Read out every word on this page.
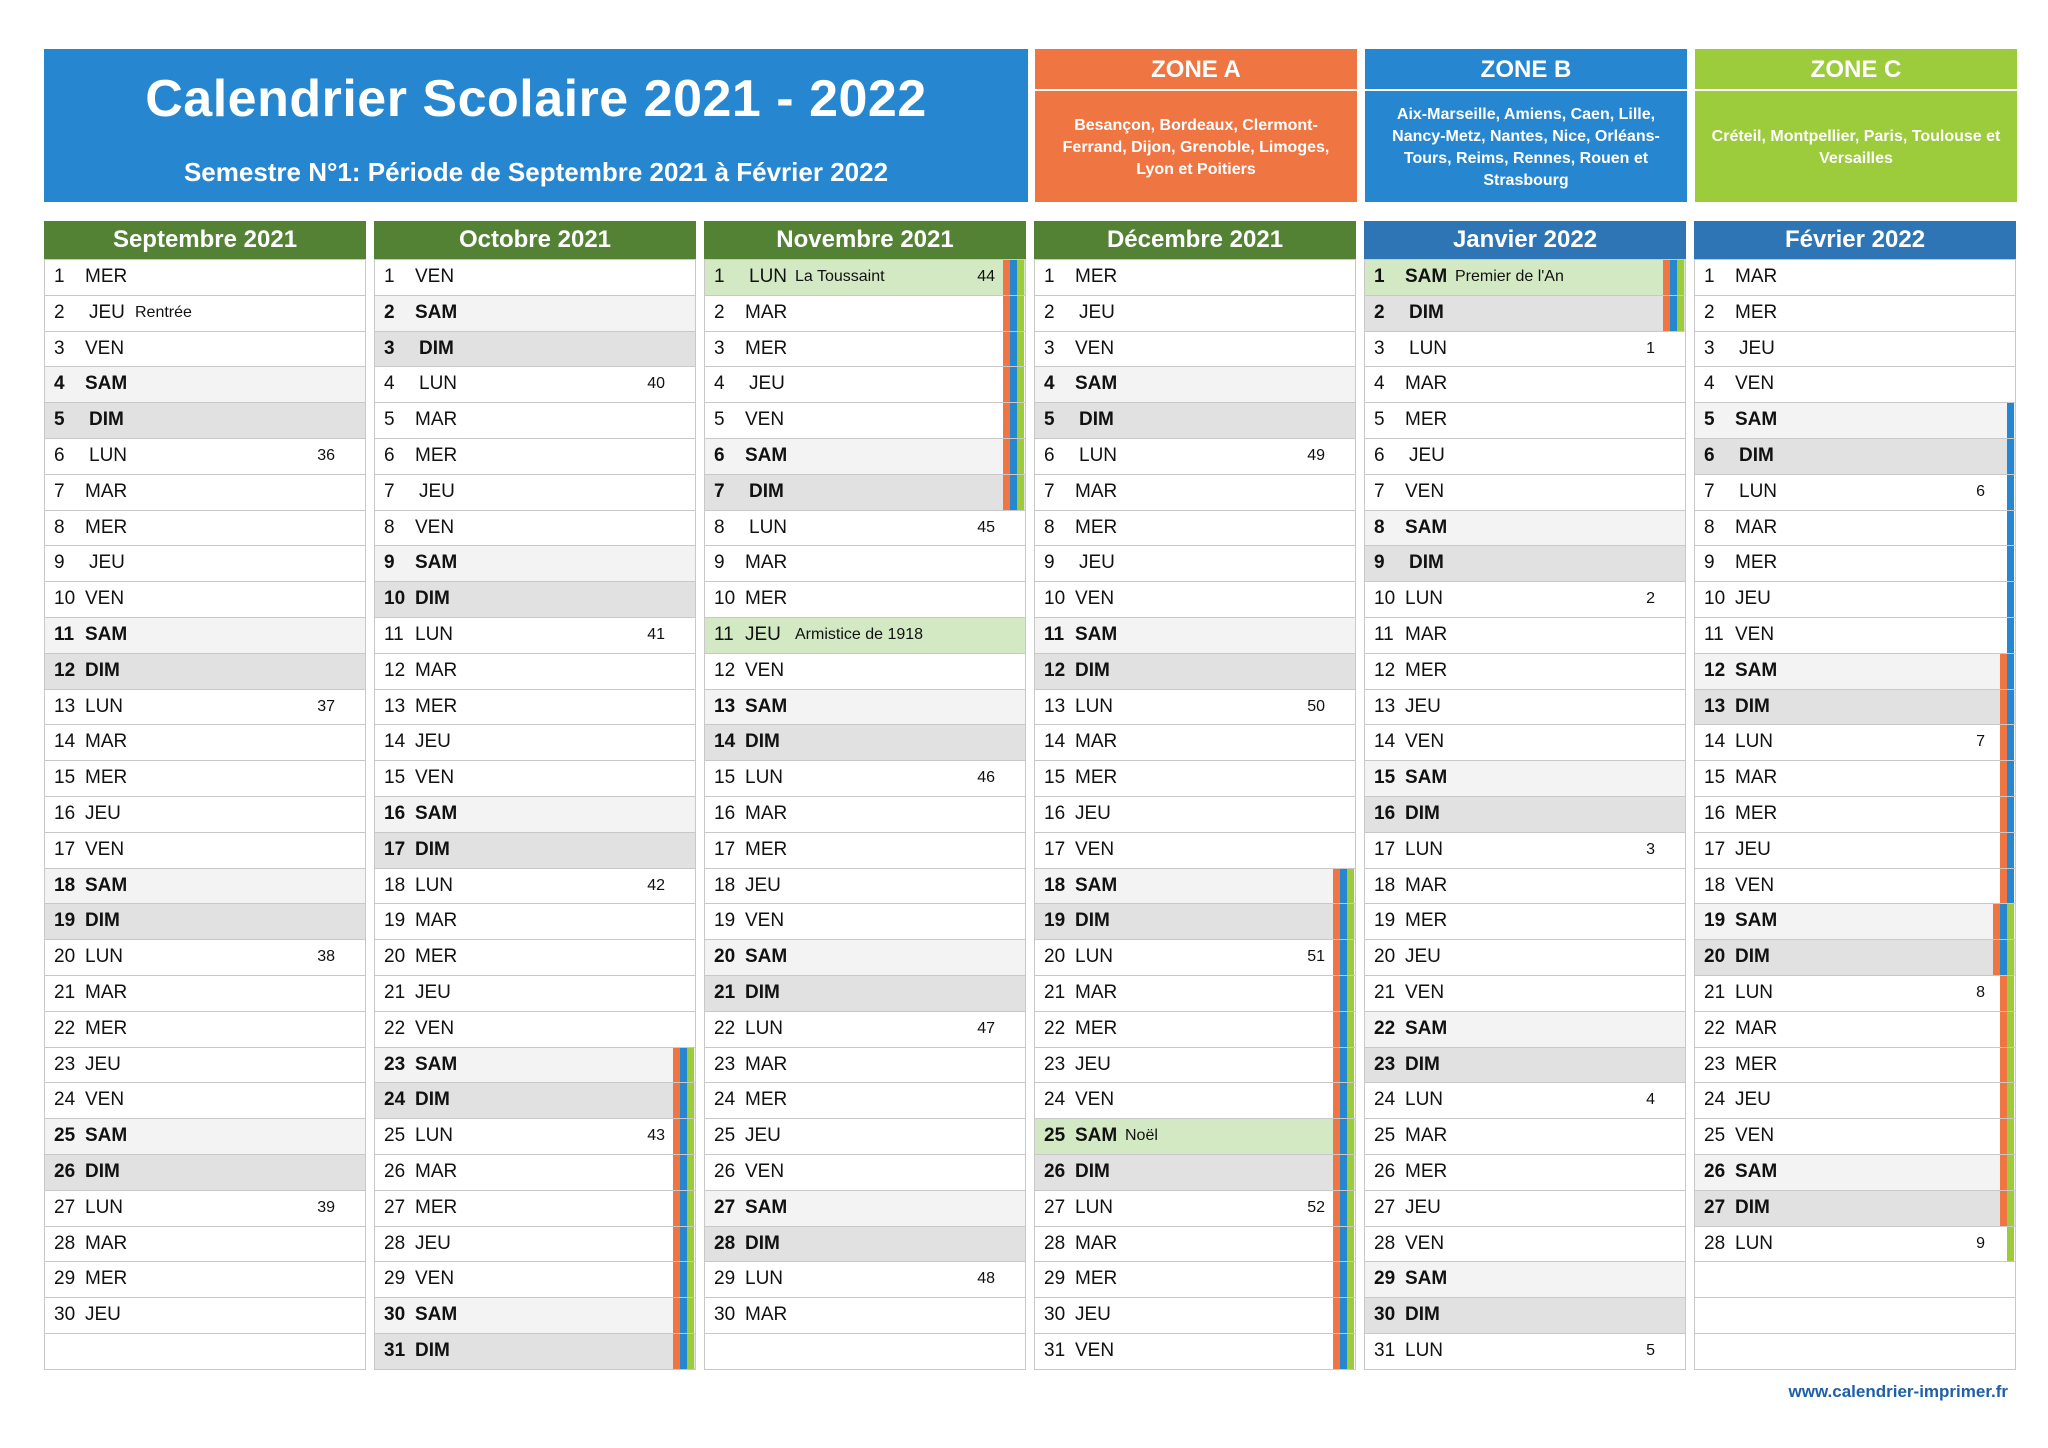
Calendrier Scolaire 2021 - 2022
Semestre N°1: Période de Septembre 2021 à Février 2022
ZONE A
Besançon, Bordeaux, Clermont-Ferrand, Dijon, Grenoble, Limoges, Lyon et Poitiers
ZONE B
Aix-Marseille, Amiens, Caen, Lille, Nancy-Metz, Nantes, Nice, Orléans-Tours, Reims, Rennes, Rouen et Strasbourg
ZONE C
Créteil, Montpellier, Paris, Toulouse et Versailles
Septembre 2021
1 MER
2 JEU Rentrée
3 VEN
4 SAM
5 DIM
6 LUN	36
7 MAR
8 MER
9 JEU
10 VEN
11 SAM
12 DIM
13 LUN	37
14 MAR
15 MER
16 JEU
17 VEN
18 SAM
19 DIM
20 LUN	38
21 MAR
22 MER
23 JEU
24 VEN
25 SAM
26 DIM
27 LUN	39
28 MAR
29 MER
30 JEU
Octobre 2021
1 VEN
2 SAM
3 DIM
4 LUN	40
5 MAR
6 MER
7 JEU
8 VEN
9 SAM
10 DIM
11 LUN	41
12 MAR
13 MER
14 JEU
15 VEN
16 SAM
17 DIM
18 LUN	42
19 MAR
20 MER
21 JEU
22 VEN
23 SAM
24 DIM
25 LUN	43
26 MAR
27 MER
28 JEU
29 VEN
30 SAM
31 DIM
Novembre 2021
1 LUN La Toussaint	44
2 MAR
3 MER
4 JEU
5 VEN
6 SAM
7 DIM
8 LUN	45
9 MAR
10 MER
11 JEU Armistice de 1918
12 VEN
13 SAM
14 DIM
15 LUN	46
16 MAR
17 MER
18 JEU
19 VEN
20 SAM
21 DIM
22 LUN	47
23 MAR
24 MER
25 JEU
26 VEN
27 SAM
28 DIM
29 LUN	48
30 MAR
Décembre 2021
1 MER
2 JEU
3 VEN
4 SAM
5 DIM
6 LUN	49
7 MAR
8 MER
9 JEU
10 VEN
11 SAM
12 DIM
13 LUN	50
14 MAR
15 MER
16 JEU
17 VEN
18 SAM
19 DIM
20 LUN	51
21 MAR
22 MER
23 JEU
24 VEN
25 SAM Noël
26 DIM
27 LUN	52
28 MAR
29 MER
30 JEU
31 VEN
Janvier 2022
1 SAM Premier de l'An
2 DIM
3 LUN	1
4 MAR
5 MER
6 JEU
7 VEN
8 SAM
9 DIM
10 LUN	2
11 MAR
12 MER
13 JEU
14 VEN
15 SAM
16 DIM
17 LUN	3
18 MAR
19 MER
20 JEU
21 VEN
22 SAM
23 DIM
24 LUN	4
25 MAR
26 MER
27 JEU
28 VEN
29 SAM
30 DIM
31 LUN	5
Février 2022
1 MAR
2 MER
3 JEU
4 VEN
5 SAM
6 DIM
7 LUN	6
8 MAR
9 MER
10 JEU
11 VEN
12 SAM
13 DIM
14 LUN	7
15 MAR
16 MER
17 JEU
18 VEN
19 SAM
20 DIM
21 LUN	8
22 MAR
23 MER
24 JEU
25 VEN
26 SAM
27 DIM
28 LUN	9
www.calendrier-imprimer.fr
